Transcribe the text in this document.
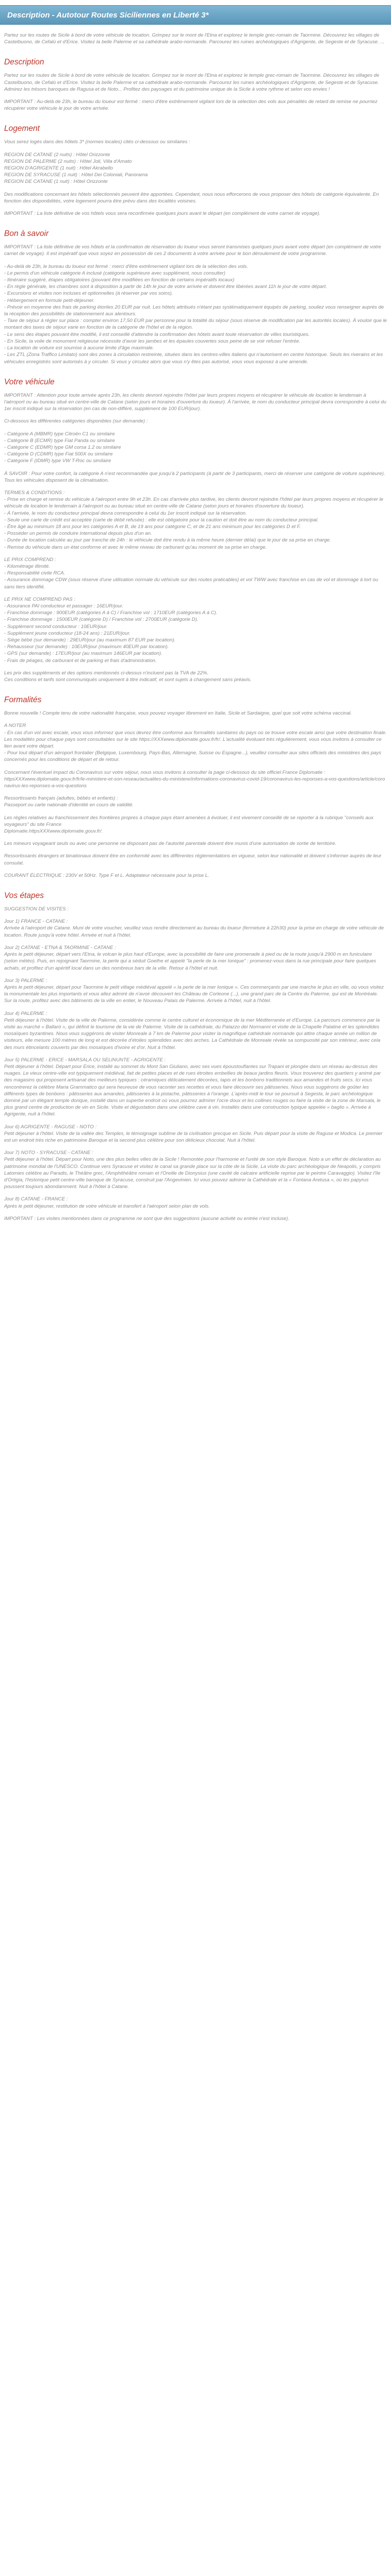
Description - Autotour Routes Siciliennes en Liberté 3*

Partez sur les routes de Sicile à bord de votre véhicule de location. Grimpez sur le mont de l'Etna et explorez le temple grec-romain de Taormine. Découvrez les villages de Castelbuono, de Cefalù et d'Erice. Visitez la belle Palerme et sa cathédrale arabo-normande. Parcourez les ruines archéologiques d'Agrigente, de Segeste et de Syracuse. ...

Description

Partez sur les routes de Sicile à bord de votre véhicule de location. Grimpez sur le mont de l'Etna et explorez le temple grec-romain de Taormine. Découvrez les villages de Castelbuono, de Cefalù et d'Erice. Visitez la belle Palerme et sa cathédrale arabo-normande. Parcourez les ruines archéologiques d'Agrigente, de Segeste et de Syracuse. Admirez les trésors baroques de Ragusa et de Noto... Profitez des paysages et du patrimoine unique de la Sicile à votre rythme et selon vos envies !

IMPORTANT : Au-delà de 23h, le bureau du loueur est fermé : merci d'être extrêmement vigilant lors de la sélection des vols aux pénalités de retard de remise ne pourriez récupérer votre véhicule le jour de votre arrivée.

Logement

Vous serez logés dans des hôtels 3* (normes locales) cités ci-dessous ou similaires :

REGION DE CATANE (2 nuits) : Hôtel Orizzonte
REGION DE PALERME (2 nuits) : Hôtel Joli, Villa d'Amato
REGION D'AGRIGENTE (1 nuit) : Hôtel Akrabello
REGION DE SYRACUSE (1 nuit) : Hôtel Dei Coloniali, Panorama
REGION DE CATANE (1 nuit) : Hôtel Orizzonte

Des modifications concernant les hôtels sélectionnés peuvent être apportées. Cependant, nous nous efforcerons de vous proposer des hôtels de catégorie équivalente. En fonction des disponibilités, votre logement pourra être prévu dans des localités voisines.

IMPORTANT : La liste définitive de vos hôtels vous sera reconfirmée quelques jours avant le départ (en complément de votre carnet de voyage).

Bon à savoir

IMPORTANT : La liste définitive de vos hôtels et la confirmation de réservation du loueur vous seront transmises quelques jours avant votre départ (en complément de votre carnet de voyage). Il est impératif que vous soyez en possession de ces 2 documents à votre arrivée pour le bon déroulement de votre programme.

- Au-delà de 23h, le bureau du loueur est fermé : merci d'être extrêmement vigilant lors de la sélection des vols.
- Le permis d'un véhicule catégorie A inclusé (catégorie supérieure avec supplément, nous consulter)
- Itinéraire suggéré, étapes obligatoires (pouvant être modifiées en fonction de certains impératifs locaux)
- En règle générale, les chambres sont à disposition à partir de 14h le jour de votre arrivée et doivent être libérées avant 11h le jour de votre départ.
- Excursions et visites non incluses et optionnelles (à réserver par vos soins).
- Hébergement en formule petit-déjeuner.
- Prévoir en moyenne des frais de parking étoriles 20 EUR par nuit. Les hôtels attribués n'étant pas systématiquement équipés de parking, souliez vous renseigner auprès de la réception des possibilités de stationnement aux alentours.
- Taxe de séjour à régler sur place : compter environ 17,50 EUR par personne pour la totalité du séjour (sous réserve de modification par les autorités locales). À vouloir que le montant des taxes de séjour varie en fonction de la catégorie de l'hôtel et de la région.
- Le sens des étapes pouvant être modifié, il est conseillé d'attendre la confirmation des hôtels avant toute réservation de villes touristiques.
- En Sicile, la voile de monument religieuse nécessite d'avoir les jambes et les épaules couvertes sous peine de se voir refuser l'entrée.
- La location de voiture est soumise à aucune limite d'âge maximale.
- Les ZTL (Zona Traffico Limitato) sont des zones à circulation restreinte, situées dans les centres-villes italiens qui n'autorisent en centre historique. Seuls les riverains et les véhicules enregistrés sont autorisés à y circuler. Si vous y circulez alors que vous n'y êtes pas autorisé, vous vous exposez à une amende.
Votre véhicule

IMPORTANT : Attention pour toute arrivée après 23h, les clients devront rejoindre l'hôtel par leurs propres moyens et récupérer le véhicule de location le lendemain à l'aéroport ou au bureau situé en centre-ville de Catane (selon jours et horaires d'ouverture du loueur). À l'arrivée, le nom du conducteur principal devra correspondre à celui du 1er inscrit indiqué sur la réservation (en cas de non-différé, supplément de 100 EUR/jour).

Ci-dessous les différentes catégories disponibles (sur demande) :

- Catégorie A (MBMR) type Citroën C1 ou similaire
- Catégorie B (ECMR) type Fiat Panda ou similaire
- Catégorie C (EDMR) type GM corsa 1.2 ou similaire
- Catégorie D (CDMR) type Fiat 500X ou similaire
- Catégorie F (IDMR) type VW T-Roc ou similaire

À SAVOIR : Pour votre confort, la catégorie A n'est recommandée que jusqu'à 2 participants (à partir de 3 participants, merci de réserver une catégorie de voiture supérieure). Tous les véhicules disposent de la climatisation.

TERMES & CONDITIONS :
- Prise en charge et remise du véhicule à l'aéroport entre 9h et 23h. En cas d'arrivée plus tardive, les clients devront rejoindre l'hôtel par leurs propres moyens et récupérer le véhicule de location le lendemain à l'aéroport ou au bureau situé en centre-ville de Catane (selon jours et horaires d'ouverture du loueur).
- À l'arrivée, le nom du conducteur principal devra correspondre à celui du 1er inscrit indiqué sur la réservation.
- Seule une carte de crédit est acceptée (carte de débit refusée) : elle est obligatoire pour la caution et doit être au nom du conducteur principal.
- Être âgé au minimum 18 ans pour les catégories A et B, de 19 ans pour catégorie C, et de 21 ans minimum pour les catégories D et F.
- Posséder un permis de conduire international depuis plus d'un an.
- Durée de location calculée au jour par tranche de 24h : le véhicule doit être rendu à la même heure (dernier délai) que le jour de sa prise en charge.
- Remise du véhicule dans un état conforme et avec le même niveau de carburant qu'au moment de sa prise en charge.
LE PRIX COMPREND :
- Kilométrage illimité.
- Responsabilité civile RCA.
- Assurance dommage CDW (sous réserve d'une utilisation normale du véhicule sur des routes praticables) et vol TWW avec franchise en cas de vol et dommage à tort ou sans tiers identifié.
LE PRIX NE COMPREND PAS :
- Assurance PAI conducteur et passager : 16EUR/jour.
- Franchise dommage : 900EUR (catégories A à C) / Franchise vol : 1710EUR (catégories A à C).
- Franchise dommage : 1500EUR (catégorie D) / Franchise vol : 2700EUR (catégorie D).
- Supplément second conducteur : 10EUR/jour.
- Supplément jeune conducteur (18-24 ans) : 21EUR/jour.
- Siège bébé (sur demande) : 29EUR/jour (au maximum 87 EUR par location).
- Rehausseur (sur demande) : 10EUR/jour (maximum 40EUR par location).
- GPS (sur demande) : 17EUR/jour (au maximum 146EUR par location).
- Frais de péages, de carburant et de parking et frais d'administration.

Les prix des suppléments et des options mentionnés ci-dessus n'incluent pas la TVA de 22%.
Ces conditions et tarifs sont communiqués uniquement à titre indicatif, et sont sujets à changement sans préavis.

Formalités

Bonne nouvelle ! Compte tenu de votre nationalité française, vous pouvez voyager librement en Italie, Sicile et Sardaigne, quel que soit votre schéma vaccinal.

A NOTER
- En cas d'un vol avec escale, vous vous informez que vous devrez être conforme aux formalités sanitaires du pays où se trouve votre escale ainsi que votre destination finale.
Les modalités pour chaque pays sont consultables sur le site https://XXXwww.diplomatie.gouv.fr/fr/. L'actualité évoluant très régulièrement, vous vous invitons à consulter ce lien avant votre départ.
- Pour tout départ d'un aéroport frontalier (Belgique, Luxembourg, Pays-Bas, Allemagne, Suisse ou Espagne...), veuillez consulter aux sites officiels des ministères des pays concernés pour les conditions de départ et de retour.

Concernant l'éventuel impact du Coronavirus sur votre séjour, nous vous invitons à consulter la page ci-dessous du site officiel France Diplomatie :
httpsXXXwww.diplomatie.gouv.fr/fr/le-ministere-et-son-reseau/actualites-du-ministere/informations-coronavirus-covid-19/coronavirus-les-reponses-a-vos-questions/article/coronavirus-les-reponses-a-vos-questions

Ressortissants français (adultes, bébés et enfants) :
Passeport ou carte nationale d'identité en cours de validité.

Les règles relatives au franchissement des frontières propres à chaque pays étant amenées à évoluer, il est vivement conseillé de se reporter à la rubrique "conseils aux voyageurs" du site France
Diplomatie.httpsXXXwww.diplomatie.gouv.fr/.

Les mineurs voyageant seuls ou avec une personne ne disposant pas de l'autorité parentale doivent être munis d'une autorisation de sortie de territoire.

Ressortissants étrangers et binationaux doivent être en conformité avec les différentes réglementations en vigueur, selon leur nationalité et doivent s'informer auprès de leur consulat.

COURANT ÉLECTRIQUE : 230V et 50Hz. Type F et L. Adaptateur nécessaire pour la prise L.

Vos étapes

SUGGESTION DE VISITES :

Jour 1) FRANCE - CATANE :
Arrivée à l'aéroport de Catane. Muni de votre voucher, veuillez vous rendre directement au bureau du loueur (fermeture à 22h30) pour la prise en charge de votre véhicule de location. Route jusqu'à votre hôtel. Arrivée et nuit à l'hôtel.
Jour 2) CATANE - ETNA & TAORMINE - CATANE :
Après le petit déjeuner, départ vers l'Etna, le volcan le plus haut d'Europe, avec la possibilité de faire une promenade à pied ou de la route jusqu'à 2900 m en funiculaire (selon météo). Puis, en rejoignant Taormine, la perle qui a séduit Goethe et appelé "la perle de la mer Ionique" : promenez-vous dans la rue principale pour faire quelques achats, et profitez d'un apéritif local dans un des nombreux bars de la ville. Retour à l'hôtel et nuit.
Jour 3) PALERME :
Après le petit déjeuner, départ pour Taormine le petit village médiéval appelé « la perle de la mer Ionique ». Ces commerçants par une marche le plus en ville, où vous visitez la monumentale les plus importants et vous allez admiré de n'avoir découvert les Château de Corleone (...), une grand parc de la Centre du Palerme, qui est de Montréale. Sur la route, profitez avec des bâtiments de la ville en entier, le Nouveau Palais de Palerme. Arrivée à l'hôtel, nuit à l'hôtel.
Jour 4) PALERME :
Petit déjeuner à l'hôtel. Visite de la ville de Palerme, considérée comme le centre culturel et économique de la mer Méditerranée et d'Europe. La parcours commence par la visite au marché « Ballarò », qui définit le tourisme de la vie de Palerme. Visite de la cathédrale, du Palazzo dei Normanni et visite de la Chapelle Palatine et les splendides mosaïques byzantines. Nous vous suggérons de visiter Monreale à 7 km de Palerme pour visiter la magnifique cathédrale normande qui attire chaque année un million de visiteurs, elle mesure 100 mètres de long et est décorée d'étoiles splendides avec des arches. La Cathédrale de Monreale révèle sa sompuosité par son intérieur, avec cela des murs étincelants couverts par des mosaïques d'ivoire et d'or. Nuit à l'hôtel.
Jour 5) PALERME - ERICE - MARSALA OU SELINUNTE - AGRIGENTE :
Petit déjeuner à l'hôtel. Départ pour Erice, installé au sommet du Mont San Giuliano, avec ses vues époustouflantes sur Trapani et plongée dans un réseau au-dessus des nuages. Le vieux centre-ville est typiquement médiéval, fait de petites places et de rues étroites embellies de beaux jardins fleuris. Vous trouverez des quartiers y animé par des magasins qui proposent artisanat des meilleurs typiques : céramiques délicatement décorées, tapis et les bonbons traditionnels aux amandes et fruits secs. Ici vous rencontrerez la célèbre Maria Grammatico qui sera heureuse de vous raconter ses recettes et vous faire découvrir ses pâtisseries. Nous vous suggérons de goûter les différents types de bonbons : pâtisseries aux amandes, pâtisseries à la pistache, pâtisseries à l'orange. L'après-midi le tour se poursuit à Segesta, le parc archéologique dominé par un élégant temple dorique, installé dans un superbe endroit où vous pourrez admirer l'ocre doux et les collines rouges ou faire la visite de la zone de Marsala, le plus grand centre de production de vin en Sicile. Visite et dégustation dans une célèbre cave à vin. Installés dans une construction typique appelée « baglio ». Arrivée à Agrigente, nuit à l'hôtel.
Jour 6) AGRIGENTE - RAGUSE - NOTO :
Petit déjeuner à l'hôtel. Visite de la vallée des Temples, le témoignage sublime de la civilisation grecque en Sicile. Puis départ pour la visite de Raguse et Modica. Le premier est un endroit très riche en patrimoine Baroque et la second plus célèbre pour son délicieux chocolat. Nuit à l'hôtel.
Jour 7) NOTO - SYRACUSE - CATANE :
Petit déjeuner à l'hôtel. Départ pour Noto, une des plus belles villes de la Sicile ! Remontée pour l'harmonie et l'unité de son style Baroque. Noto a un effet de déclaration au patrimoine mondial de l'UNESCO. Continue vers Syracuse et visitez le canal sa grande place sur la côte de la Sicile. La visite du parc archéologique de Neapolis, y compris Latomies célébre au Paradis, le Théâtre grec, l'Amphithéâtre romain et l'Oreille de Dionysius (une cavité de calcaire artificielle reprise par le peintre Caravaggio). Visitez l'île d'Ortigia, l'historique petit centre-ville baroque de Syracuse, construit par l'Angevinien. Ici vous pouvez admirer la Cathédrale et la « Fontana Aretusa », où les papyrus poussent toujours abondamment. Nuit à l'hôtel à Catane.
Jour 8) CATANE - FRANCE :
Après le petit déjeuner, restitution de votre véhicule et transfert à l'aéroport selon plan de vols.

IMPORTANT : Les visites mentionnées dans ce programme ne sont que des suggestions (aucune activité ou entrée n'est incluse).
